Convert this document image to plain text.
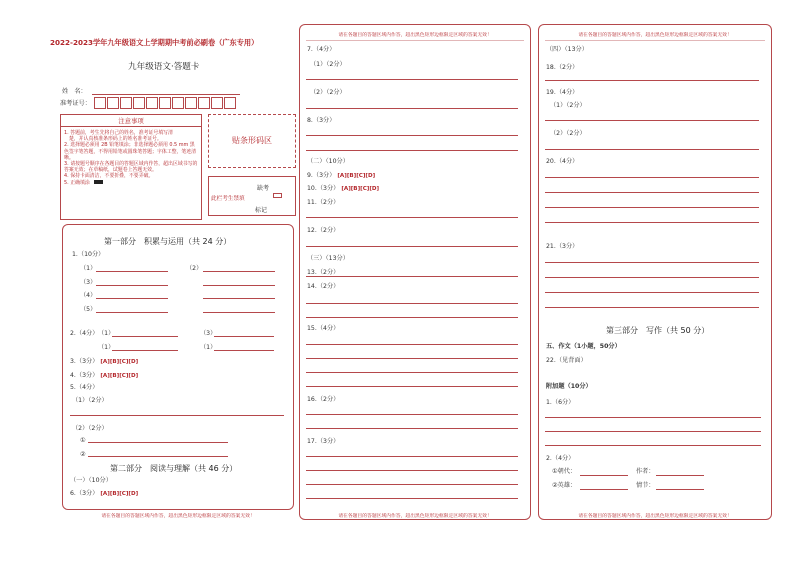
2022-2023学年九年级语文上学期期中考前必刷卷（广东专用）
九年级语文·答题卡
姓　名：
准考证号：
注意事项
1. 答题前，考生先将自己的姓名，准考证号填写清
　楚，并认真核准条形码上的姓名准考证号。
2. 选择题必须用 2B 铅笔填涂；非选择题必须用 0.5 mm 黑色签字笔答题，不得用铅笔或圆珠笔答题；字体工整，笔迹清晰。
3. 请按题号顺序在各题目的答题区域内作答，超出区域书写的答案无效；在草稿纸，试题卷上答题无效。
4. 保持卡面清洁，不要折叠，不要弄破。
5. 正确填涂
贴条形码区
此栏考生禁填
缺考
标记
第一部分　积累与运用（共 24 分）
1.（10分）
（1）	（2）
（3）
（4）
（5）
2.（4分） （1）	（3）
（1）	（1）
3.（3分） [A][B][C][D]
4.（3分） [A][B][C][D]
5.（4分）
（1）（2分）
（2）（2分）
①
②
第二部分　阅读与理解（共 46 分）
（一）（10分）
6.（3分） [A][B][C][D]
请在各题目的答题区域内作答，超出黑色矩形边框限定区域的答案无效！
请在各题目的答题区域内作答，超出黑色矩形边框限定区域的答案无效！
7.（4分）
（1）（2分）
（2）（2分）
8.（3分）
（二）（10分）
9.（3分） [A][B][C][D]
10.（3分） [A][B][C][D]
11.（2分）
12.（2分）
（三）（13分）
13.（2分）
14.（2分）
15.（4分）
16.（2分）
17.（3分）
请在各题目的答题区域内作答，超出黑色矩形边框限定区域的答案无效！
请在各题目的答题区域内作答，超出黑色矩形边框限定区域的答案无效！
（四）（13分）
18.（2分）
19.（4分）
（1）（2分）
（2）（2分）
20.（4分）
21.（3分）
第三部分　写作（共 50 分）
五、作文（1小题，50分）
22.（见背面）
附加题（10分）
1.（6分）
2.（4分）
①朝代：	作者：
②英雄：	情节：
请在各题目的答题区域内作答，超出黑色矩形边框限定区域的答案无效！
